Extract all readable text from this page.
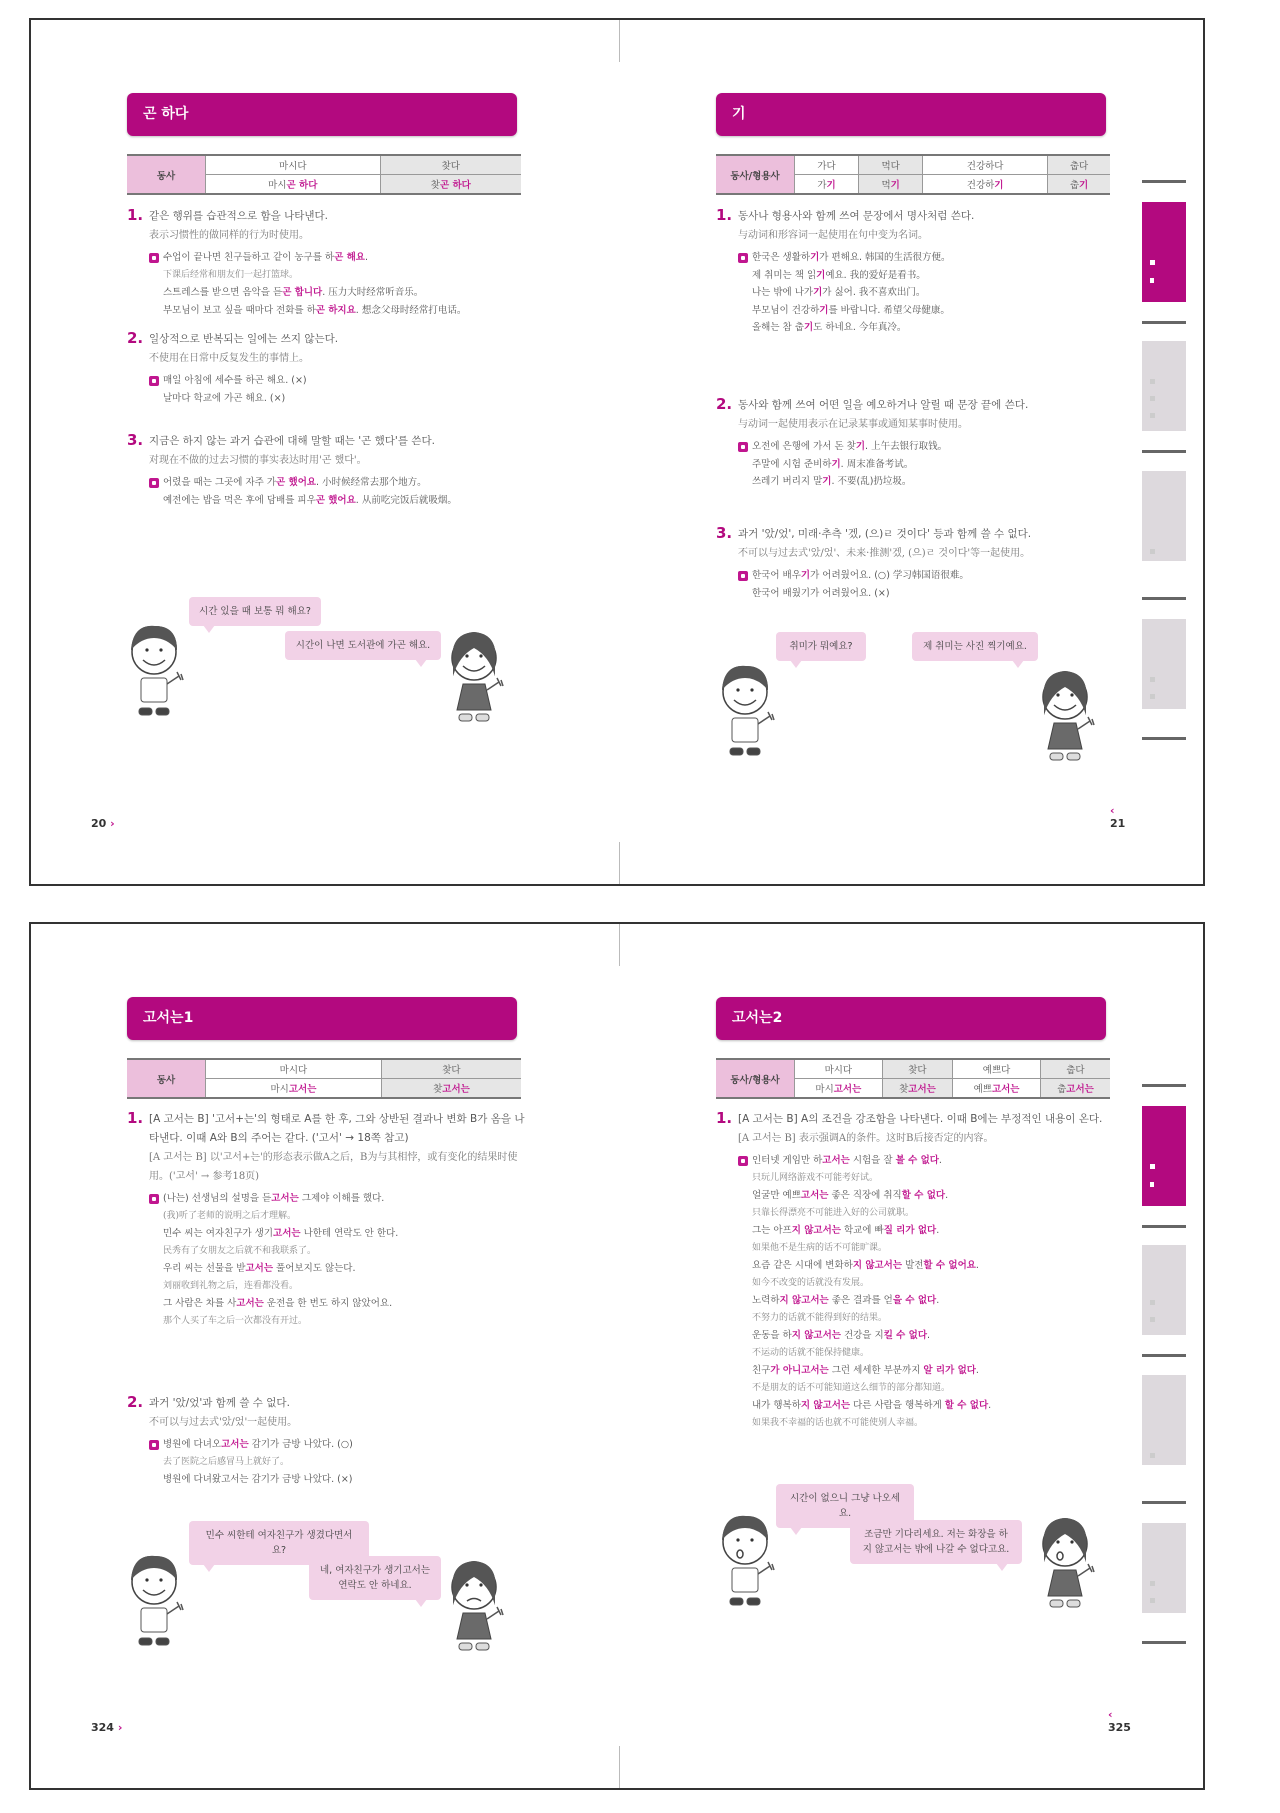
곤 하다
동사	마시다	찾다
	마시곤 하다	찾곤 하다
1. 같은 행위를 습관적으로 함을 나타낸다.
表示习惯性的做同样的行为时使用。
수업이 끝나면 친구들하고 같이 농구를 하곤 해요.
下课后经常和朋友们一起打篮球。
스트레스를 받으면 음악을 듣곤 합니다. 压力大时经常听音乐。
부모님이 보고 싶을 때마다 전화를 하곤 하지요. 想念父母时经常打电话。
2. 일상적으로 반복되는 일에는 쓰지 않는다.
不使用在日常中反复发生的事情上。
매일 아침에 세수를 하곤 해요. (×)
날마다 학교에 가곤 해요. (×)
3. 지금은 하지 않는 과거 습관에 대해 말할 때는 '곤 했다'를 쓴다.
对现在不做的过去习惯的事实表达时用'곤 했다'。
어렸을 때는 그곳에 자주 가곤 했어요. 小时候经常去那个地方。
예전에는 밥을 먹은 후에 담배를 피우곤 했어요. 从前吃完饭后就吸烟。
시간 있을 때 보통 뭐 해요?
시간이 나면 도서관에 가곤 해요.
20 ›
기
동사/형용사	가다	먹다	건강하다	춥다
	가기	먹기	건강하기	춥기
1. 동사나 형용사와 함께 쓰여 문장에서 명사처럼 쓴다.
与动词和形容词一起使用在句中变为名词。
한국은 생활하기가 편해요. 韩国的生活很方便。
제 취미는 책 읽기예요. 我的爱好是看书。
나는 밖에 나가기가 싫어. 我不喜欢出门。
부모님이 건강하기를 바랍니다. 希望父母健康。
올해는 참 춥기도 하네요. 今年真冷。
2. 동사와 함께 쓰여 어떤 일을 예오하거나 알릴 때 문장 끝에 쓴다.
与动词一起使用表示在记录某事或通知某事时使用。
오전에 은행에 가서 돈 찾기. 上午去银行取钱。
주말에 시험 준비하기. 周末准备考试。
쓰레기 버리지 말기. 不要(乱)扔垃圾。
3. 과거 '았/었', 미래·추측 '겠, (으)ㄹ 것이다' 등과 함께 쓸 수 없다.
不可以与过去式'았/었'、未来·推测'겠, (으)ㄹ 것이다'等一起使用。
한국어 배우기가 어려웠어요. (○) 学习韩国语很难。
한국어 배웠기가 어려웠어요. (×)
취미가 뭐예요?	제 취미는 사진 찍기예요.
‹ 21
고서는1
동사	마시다	찾다
	마시고서는	찾고서는
1. [A 고서는 B] '고서+는'의 형태로 A를 한 후, 그와 상반된 결과나 변화 B가 옴을 나타낸다. 이때 A와 B의 주어는 같다. ('고서' → 18쪽 참고)
[A 고서는 B] 以'고서+는'的形态表示做A之后，B为与其相悖，或有变化的结果时使用。('고서' → 参考18页)
(나는) 선생님의 설명을 듣고서는 그제야 이해를 했다.
(我)听了老师的说明之后才理解。
민수 씨는 여자친구가 생기고서는 나한테 연락도 안 한다.
民秀有了女朋友之后就不和我联系了。
우리 씨는 선물을 받고서는 풀어보지도 않는다.
刘丽收到礼物之后，连看都没看。
그 사람은 차를 사고서는 운전을 한 번도 하지 않았어요.
那个人买了车之后一次都没有开过。
2. 과거 '았/었'과 함께 쓸 수 없다.
不可以与过去式'았/었'一起使用。
병원에 다녀오고서는 감기가 금방 나았다. (○)
去了医院之后感冒马上就好了。
병원에 다녀왔고서는 감기가 금방 나았다. (×)
민수 씨한테 여자친구가 생겼다면서요?
네, 여자친구가 생기고서는 연락도 안 하네요.
324 ›
고서는2
동사/형용사	마시다	찾다	예쁘다	춥다
	마시고서는	찾고서는	예쁘고서는	춥고서는
1. [A 고서는 B] A의 조건을 강조함을 나타낸다. 이때 B에는 부정적인 내용이 온다.
[A 고서는 B] 表示强调A的条件。这时B后接否定的内容。
인터넷 게임만 하고서는 시험을 잘 볼 수 없다.
只玩儿网络游戏不可能考好试。
얼굴만 예쁘고서는 좋은 직장에 취직할 수 없다.
只靠长得漂亮不可能进入好的公司就职。
그는 아프지 않고서는 학교에 빠질 리가 없다.
如果他不是生病的话不可能旷课。
요즘 같은 시대에 변화하지 않고서는 발전할 수 없어요.
如今不改变的话就没有发展。
노력하지 않고서는 좋은 결과를 얻을 수 없다.
不努力的话就不能得到好的结果。
운동을 하지 않고서는 건강을 지킬 수 없다.
不运动的话就不能保持健康。
친구가 아니고서는 그런 세세한 부분까지 알 리가 없다.
不是朋友的话不可能知道这么细节的部分都知道。
내가 행복하지 않고서는 다른 사람을 행복하게 할 수 없다.
如果我不幸福的话也就不可能使别人幸福。
시간이 없으니 그냥 나오세요.
조금만 기다리세요. 저는 화장을 하지 않고서는 밖에 나갈 수 없다고요.
‹ 325
